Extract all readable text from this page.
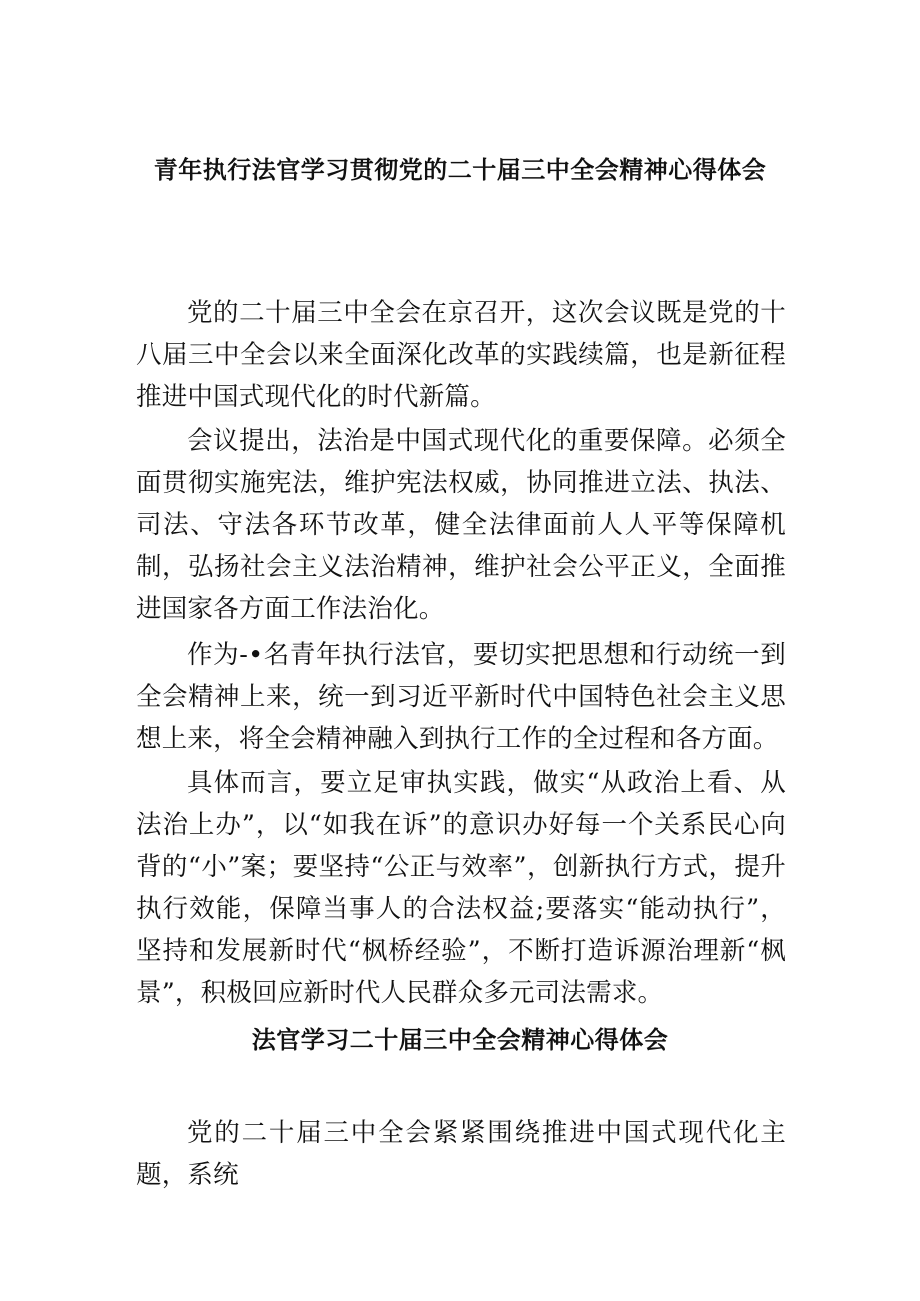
青年执行法官学习贯彻党的二十届三中全会精神心得体会

党的二十届三中全会在京召开，这次会议既是党的十八届三中全会以来全面深化改革的实践续篇，也是新征程推进中国式现代化的时代新篇。

会议提出，法治是中国式现代化的重要保障。必须全面贯彻实施宪法，维护宪法权威，协同推进立法、执法、司法、守法各环节改革，健全法律面前人人平等保障机制，弘扬社会主义法治精神，维护社会公平正义，全面推进国家各方面工作法治化。

作为-•名青年执行法官，要切实把思想和行动统一到全会精神上来，统一到习近平新时代中国特色社会主义思想上来，将全会精神融入到执行工作的全过程和各方面。

具体而言，要立足审执实践，做实“从政治上看、从法治上办”，以“如我在诉”的意识办好每一个关系民心向背的“小”案；要坚持“公正与效率”，创新执行方式，提升执行效能，保障当事人的合法权益;要落实“能动执行”，坚持和发展新时代“枫桥经验”，不断打造诉源治理新“枫景”，积极回应新时代人民群众多元司法需求。

法官学习二十届三中全会精神心得体会

党的二十届三中全会紧紧围绕推进中国式现代化主题，系统
